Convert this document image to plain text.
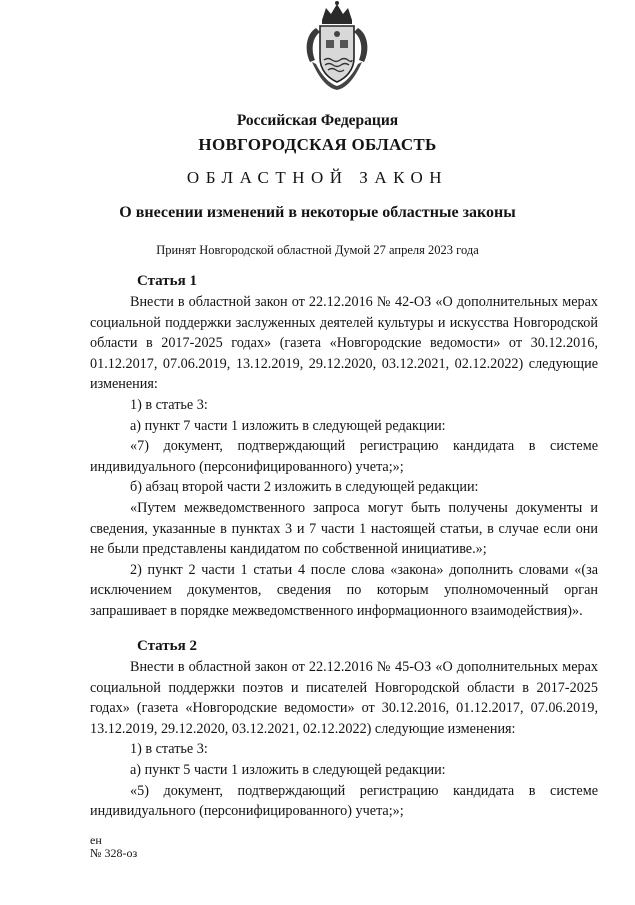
Российская Федерация
НОВГОРОДСКАЯ ОБЛАСТЬ
ОБЛАСТНОЙ ЗАКОН
О внесении изменений в некоторые областные законы
Принят Новгородской областной Думой 27 апреля 2023 года
Статья 1

Внести в областной закон от 22.12.2016 № 42-ОЗ «О дополнительных мерах социальной поддержки заслуженных деятелей культуры и искусства Новгородской области в 2017-2025 годах» (газета «Новгородские ведомости» от 30.12.2016, 01.12.2017, 07.06.2019, 13.12.2019, 29.12.2020, 03.12.2021, 02.12.2022) следующие изменения:

1) в статье 3:

а) пункт 7 части 1 изложить в следующей редакции:

«7) документ, подтверждающий регистрацию кандидата в системе индивидуального (персонифицированного) учета;»;

б) абзац второй части 2 изложить в следующей редакции:

«Путем межведомственного запроса могут быть получены документы и сведения, указанные в пунктах 3 и 7 части 1 настоящей статьи, в случае если они не были представлены кандидатом по собственной инициативе.»;

2) пункт 2 части 1 статьи 4 после слова «закона» дополнить словами «(за исключением документов, сведения по которым уполномоченный орган запрашивает в порядке межведомственного информационного взаимодействия)».

Статья 2

Внести в областной закон от 22.12.2016 № 45-ОЗ «О дополнительных мерах социальной поддержки поэтов и писателей Новгородской области в 2017-2025 годах» (газета «Новгородские ведомости» от 30.12.2016, 01.12.2017, 07.06.2019, 13.12.2019, 29.12.2020, 03.12.2021, 02.12.2022) следующие изменения:

1) в статье 3:

а) пункт 5 части 1 изложить в следующей редакции:

«5) документ, подтверждающий регистрацию кандидата в системе индивидуального (персонифицированного) учета;»;

ен
№ 328-оз
